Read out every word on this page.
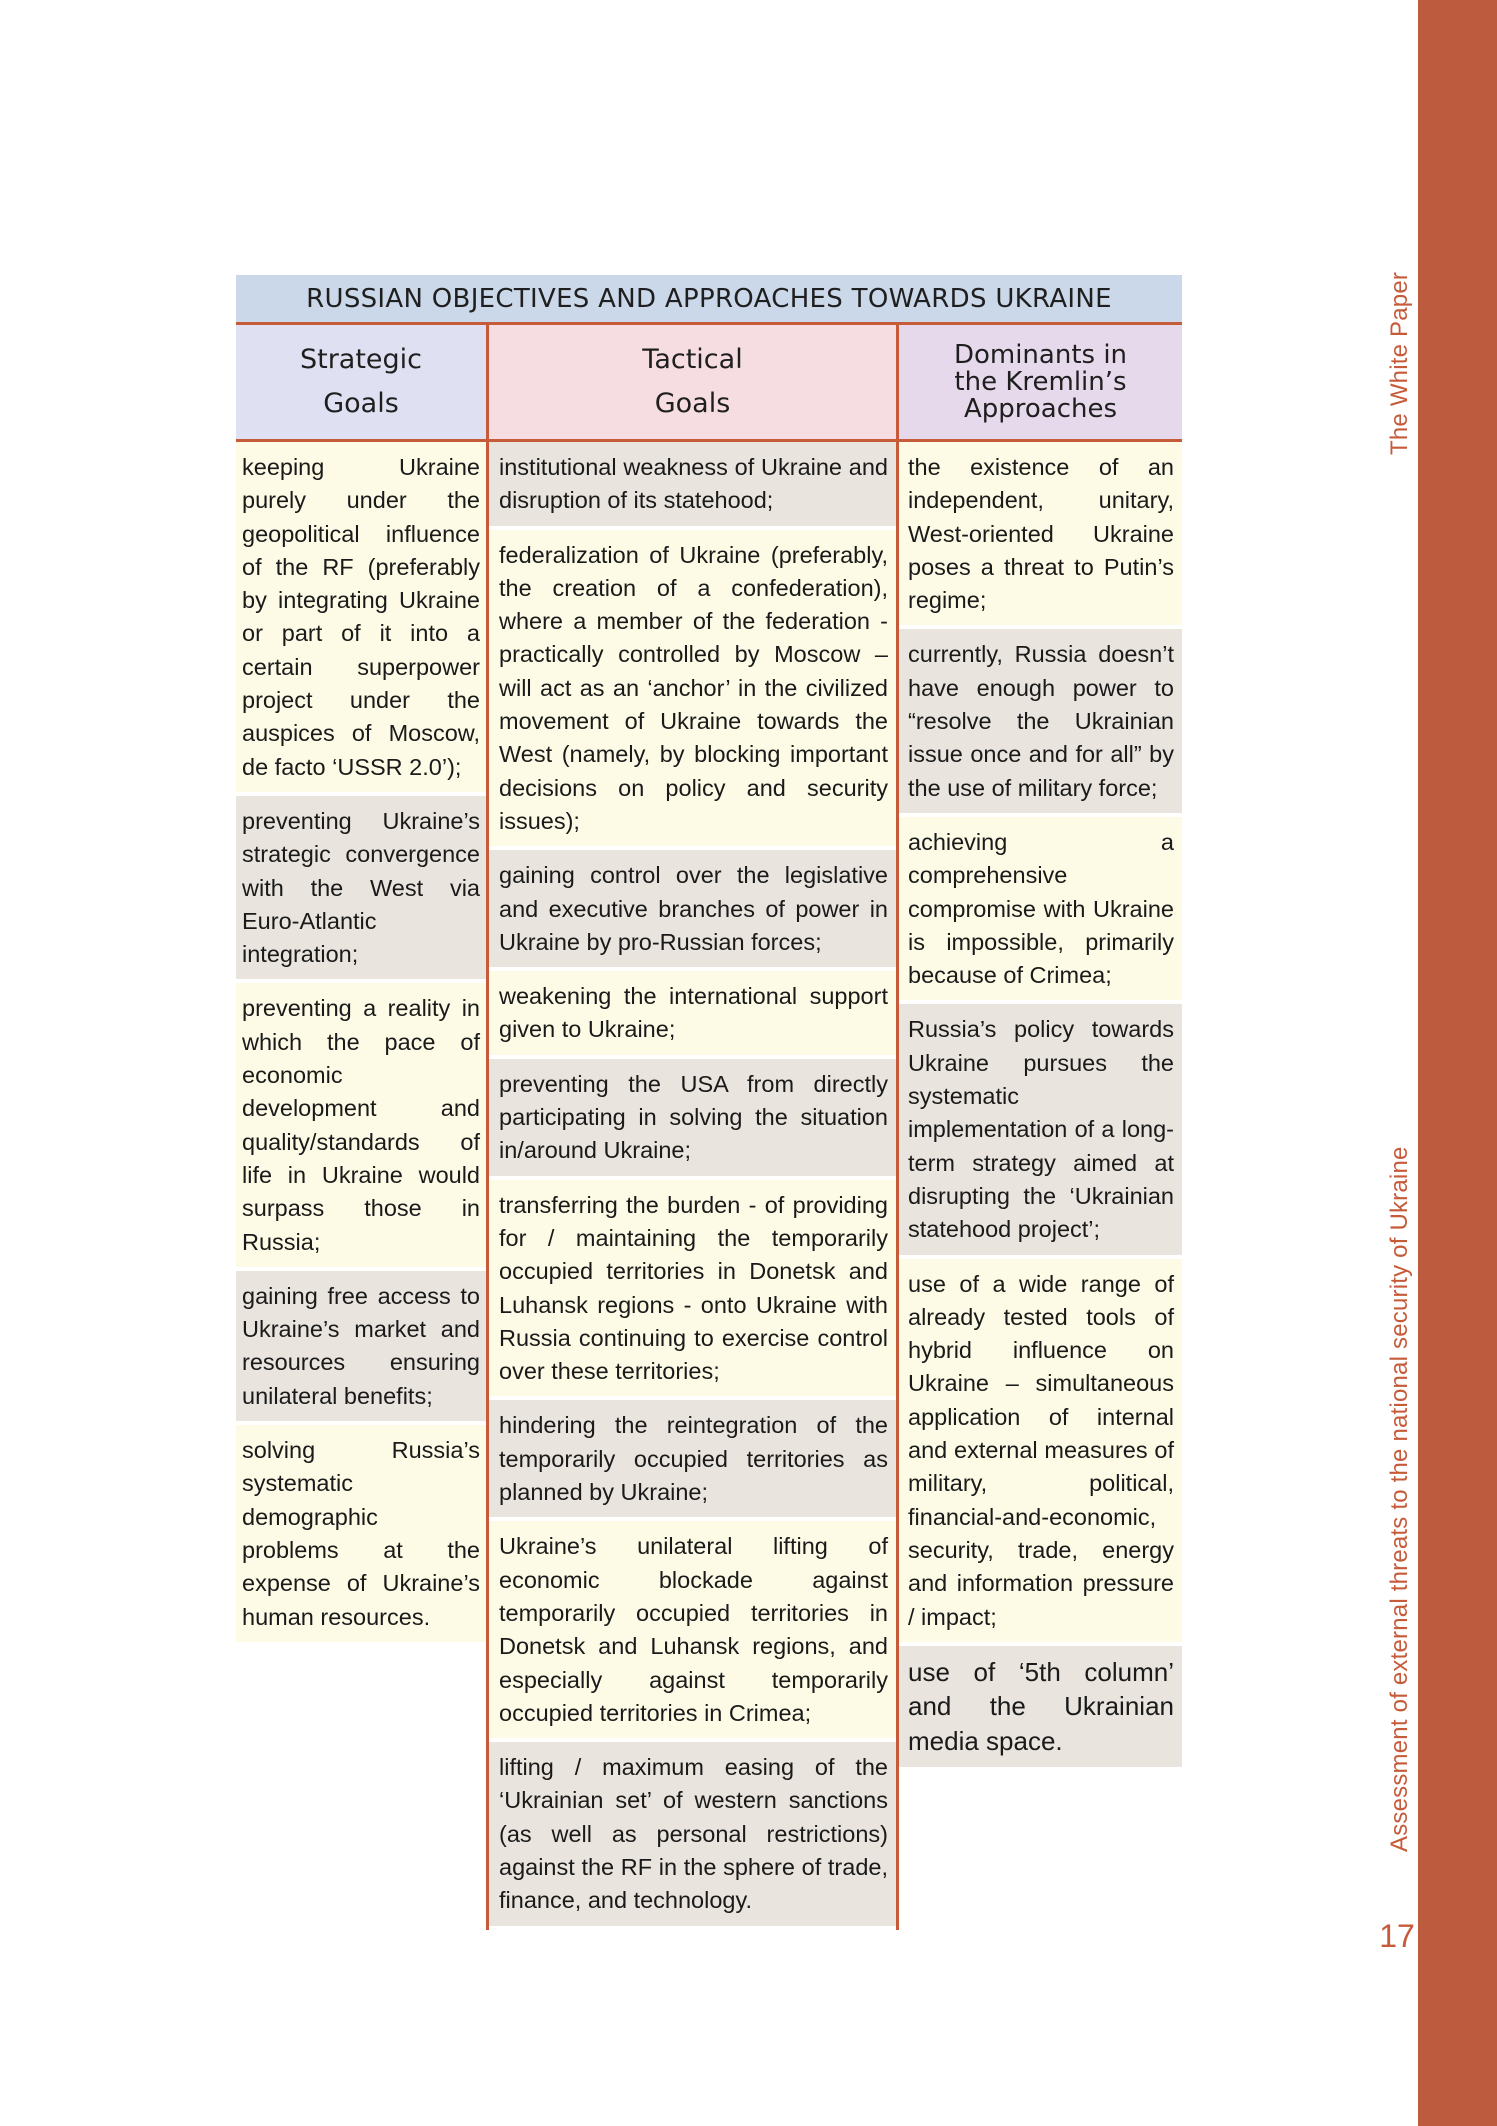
The White Paper
Assessment of external threats to the national security of Ukraine
17
RUSSIAN OBJECTIVES AND APPROACHES TOWARDS UKRAINE
Strategic
Goals
Tactical
Goals
Dominants in
the Kremlin’s
Approaches
keeping Ukraine purely under the geopolitical influence of the RF (preferably by integrating Ukraine or part of it into a certain superpower project under the auspices of Moscow, de facto ‘USSR 2.0’);
preventing Ukraine’s strategic convergence with the West via Euro-Atlantic integration;
preventing a reality in which the pace of economic development and quality/standards of life in Ukraine would surpass those in Russia;
gaining free access to Ukraine’s market and resources ensuring unilateral benefits;
solving Russia’s systematic demographic problems at the expense of Ukraine’s human resources.
institutional weakness of Ukraine and disruption of its statehood;
federalization of Ukraine (preferably, the creation of a confederation), where a member of the federation - practically controlled by Moscow – will act as an ‘anchor’ in the civilized movement of Ukraine towards the West (namely, by blocking important decisions on policy and security issues);
gaining control over the legislative and executive branches of power in Ukraine by pro-Russian forces;
weakening the international support given to Ukraine;
preventing the USA from directly participating in solving the situation in/around Ukraine;
transferring the burden - of providing for / maintaining the temporarily occupied territories in Donetsk and Luhansk regions - onto Ukraine with Russia continuing to exercise control over these territories;
hindering the reintegration of the temporarily occupied territories as planned by Ukraine;
Ukraine’s unilateral lifting of economic blockade against temporarily occupied territories in Donetsk and Luhansk regions, and especially against temporarily occupied territories in Crimea;
lifting / maximum easing of the ‘Ukrainian set’ of western sanctions (as well as personal restrictions) against the RF in the sphere of trade, finance, and technology.
the existence of an independent, unitary, West-oriented Ukraine poses a threat to Putin’s regime;
currently, Russia doesn’t have enough power to “resolve the Ukrainian issue once and for all” by the use of military force;
achieving a comprehensive compromise with Ukraine is impossible, primarily because of Crimea;
Russia’s policy towards Ukraine pursues the systematic implementation of a long-term strategy aimed at disrupting the ‘Ukrainian statehood project’;
use of a wide range of already tested tools of hybrid influence on Ukraine – simultaneous application of internal and external measures of military, political, financial-and-economic, security, trade, energy and information pressure / impact;
use of ‘5th column’ and the Ukrainian media space.
